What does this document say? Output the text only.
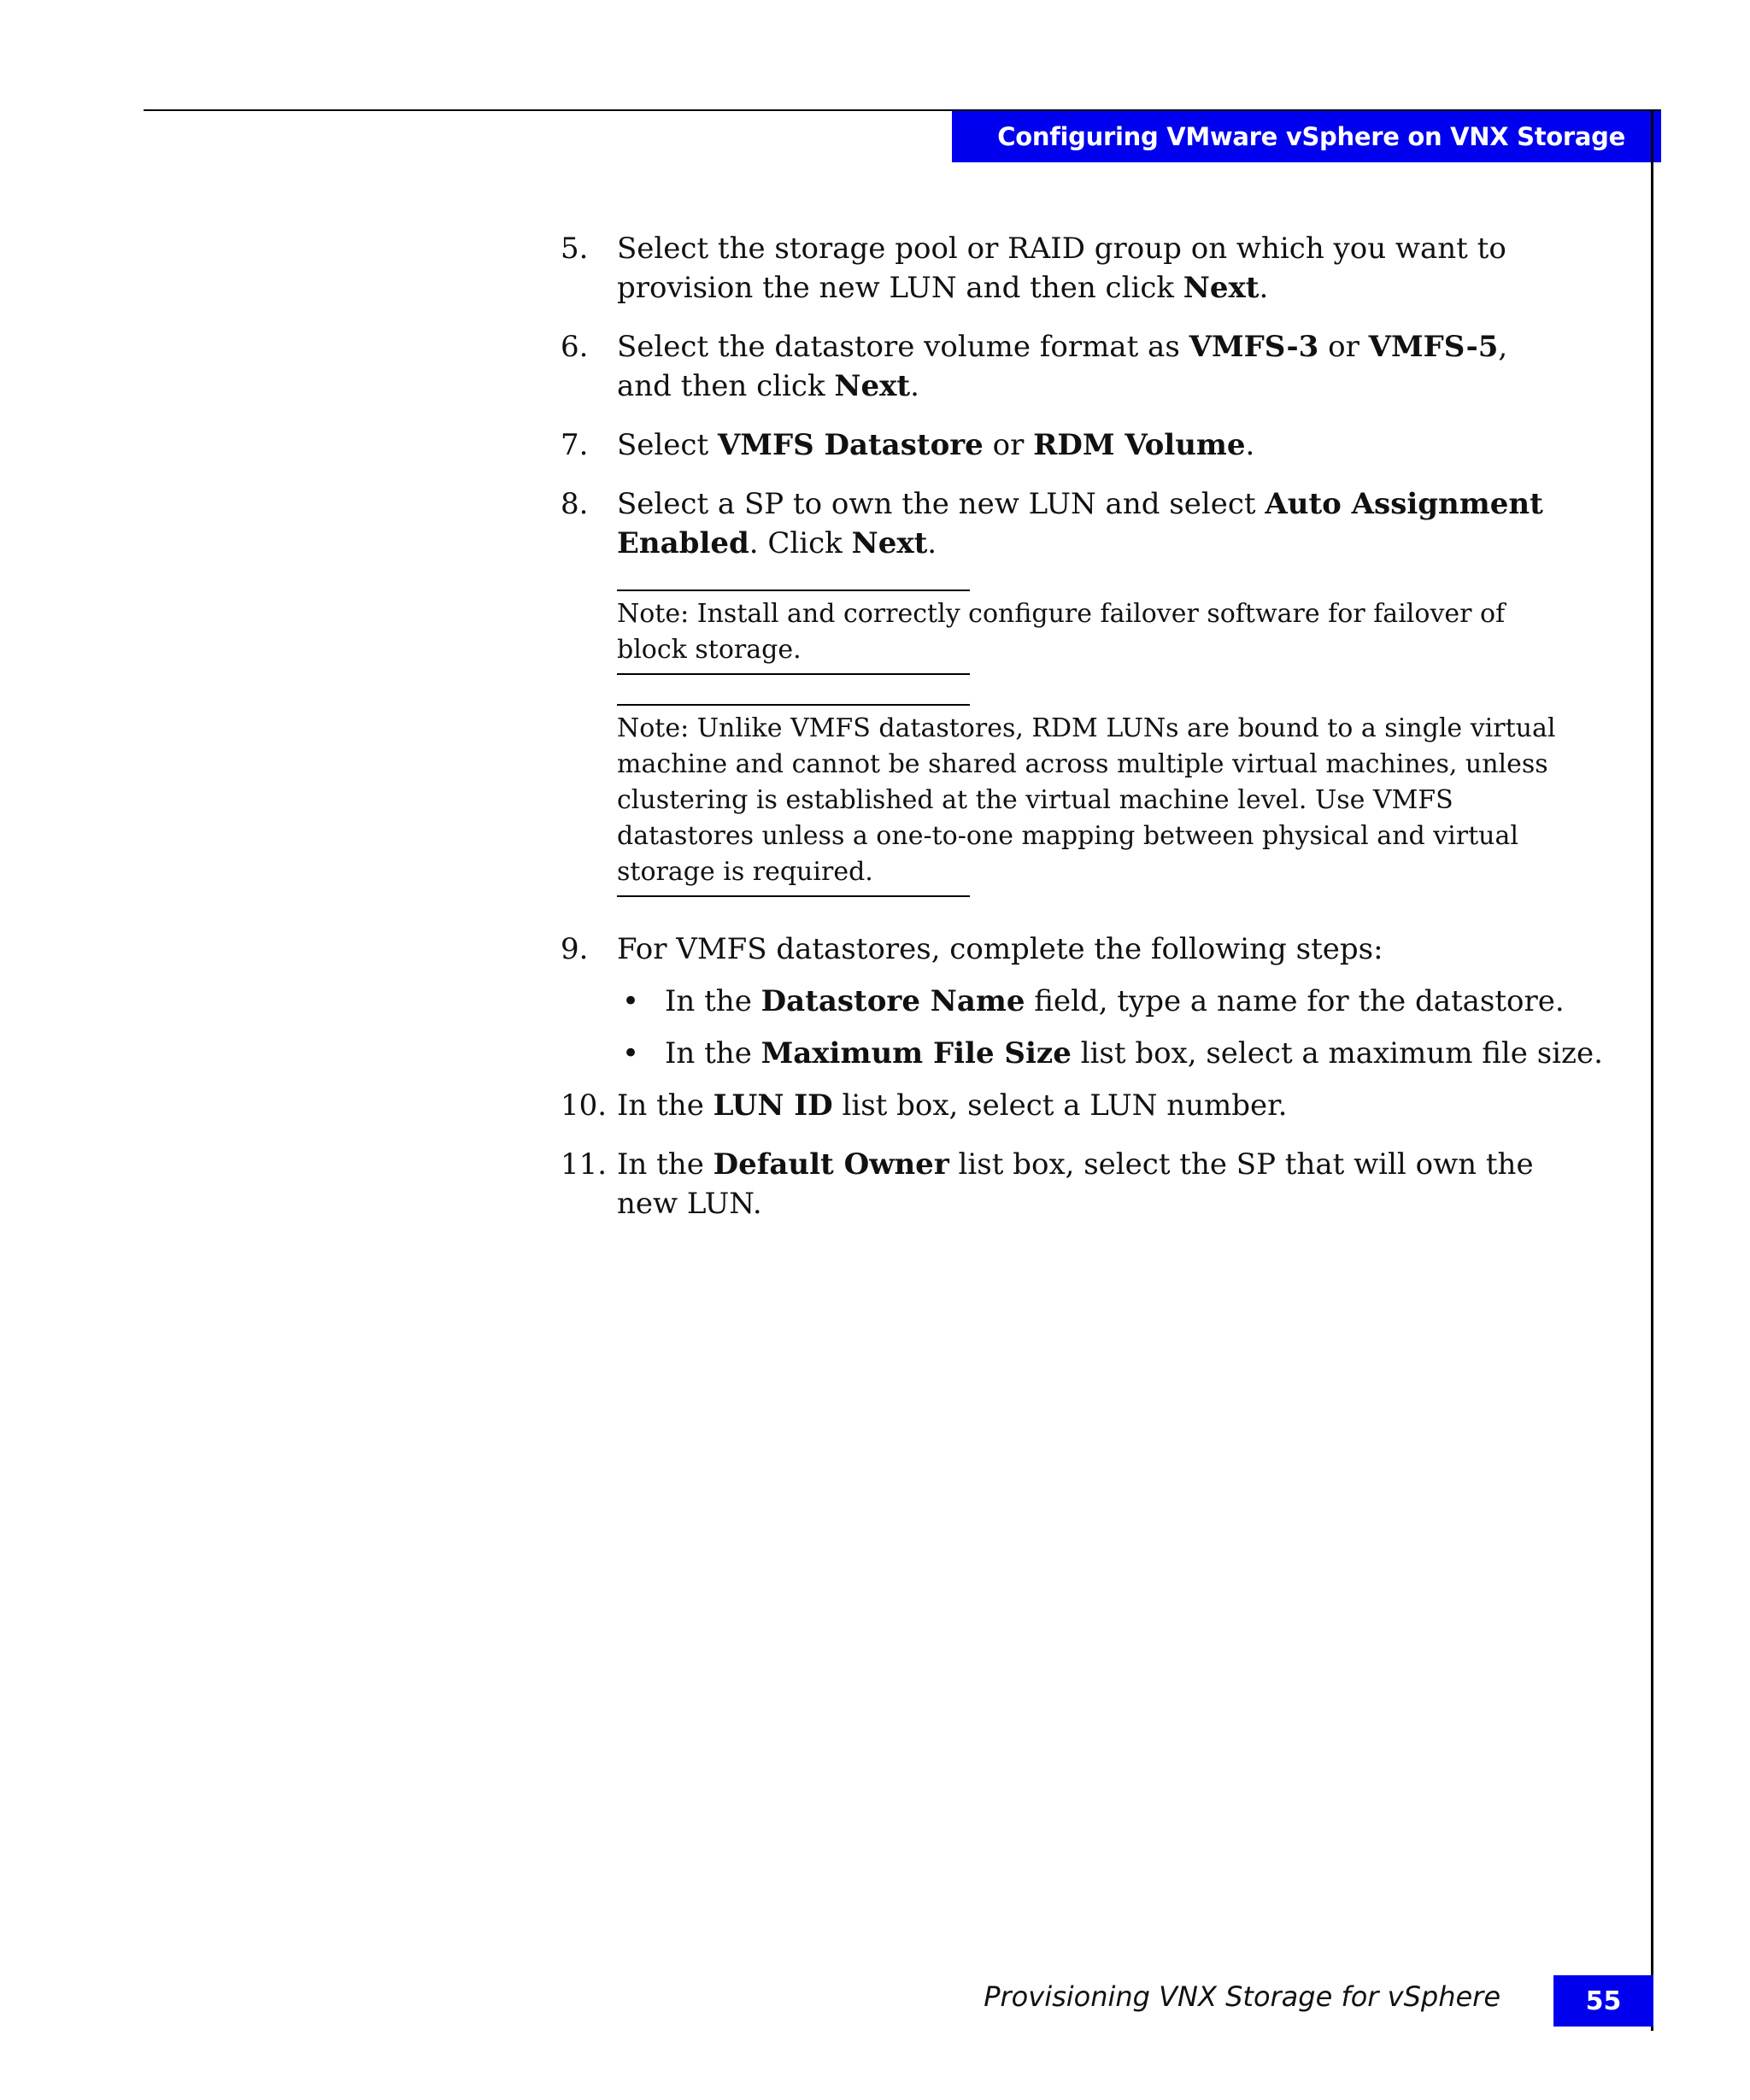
Configuring VMware vSphere on VNX Storage
5. Select the storage pool or RAID group on which you want to provision the new LUN and then click Next.
6. Select the datastore volume format as VMFS-3 or VMFS-5, and then click Next.
7. Select VMFS Datastore or RDM Volume.
8. Select a SP to own the new LUN and select Auto Assignment Enabled. Click Next.
Note: Install and correctly configure failover software for failover of block storage.
Note: Unlike VMFS datastores, RDM LUNs are bound to a single virtual machine and cannot be shared across multiple virtual machines, unless clustering is established at the virtual machine level. Use VMFS datastores unless a one-to-one mapping between physical and virtual storage is required.
9. For VMFS datastores, complete the following steps:
• In the Datastore Name field, type a name for the datastore.
• In the Maximum File Size list box, select a maximum file size.
10. In the LUN ID list box, select a LUN number.
11. In the Default Owner list box, select the SP that will own the new LUN.
Provisioning VNX Storage for vSphere	55
